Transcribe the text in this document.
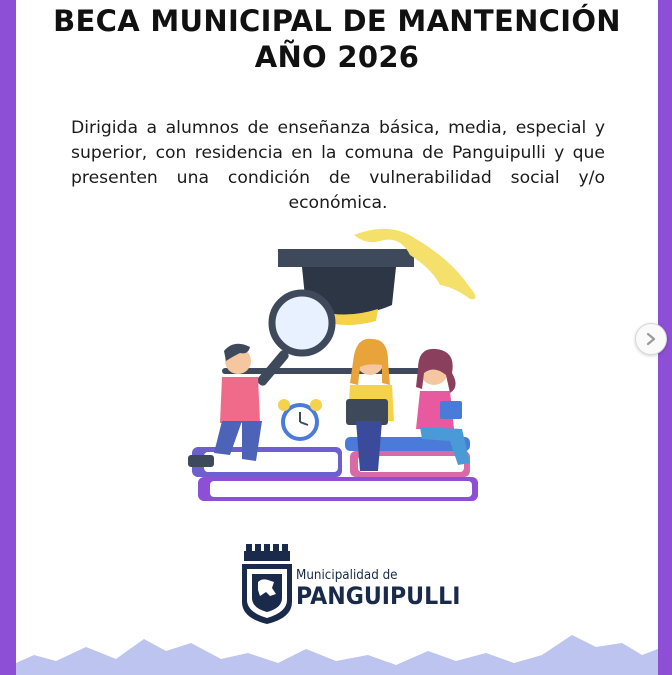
BECA MUNICIPAL DE MANTENCIÓN
AÑO 2026
Dirigida a alumnos de enseñanza básica, media, especial y superior, con residencia en la comuna de Panguipulli y que presenten una condición de vulnerabilidad social y/o económica.
Municipalidad de
PANGUIPULLI
